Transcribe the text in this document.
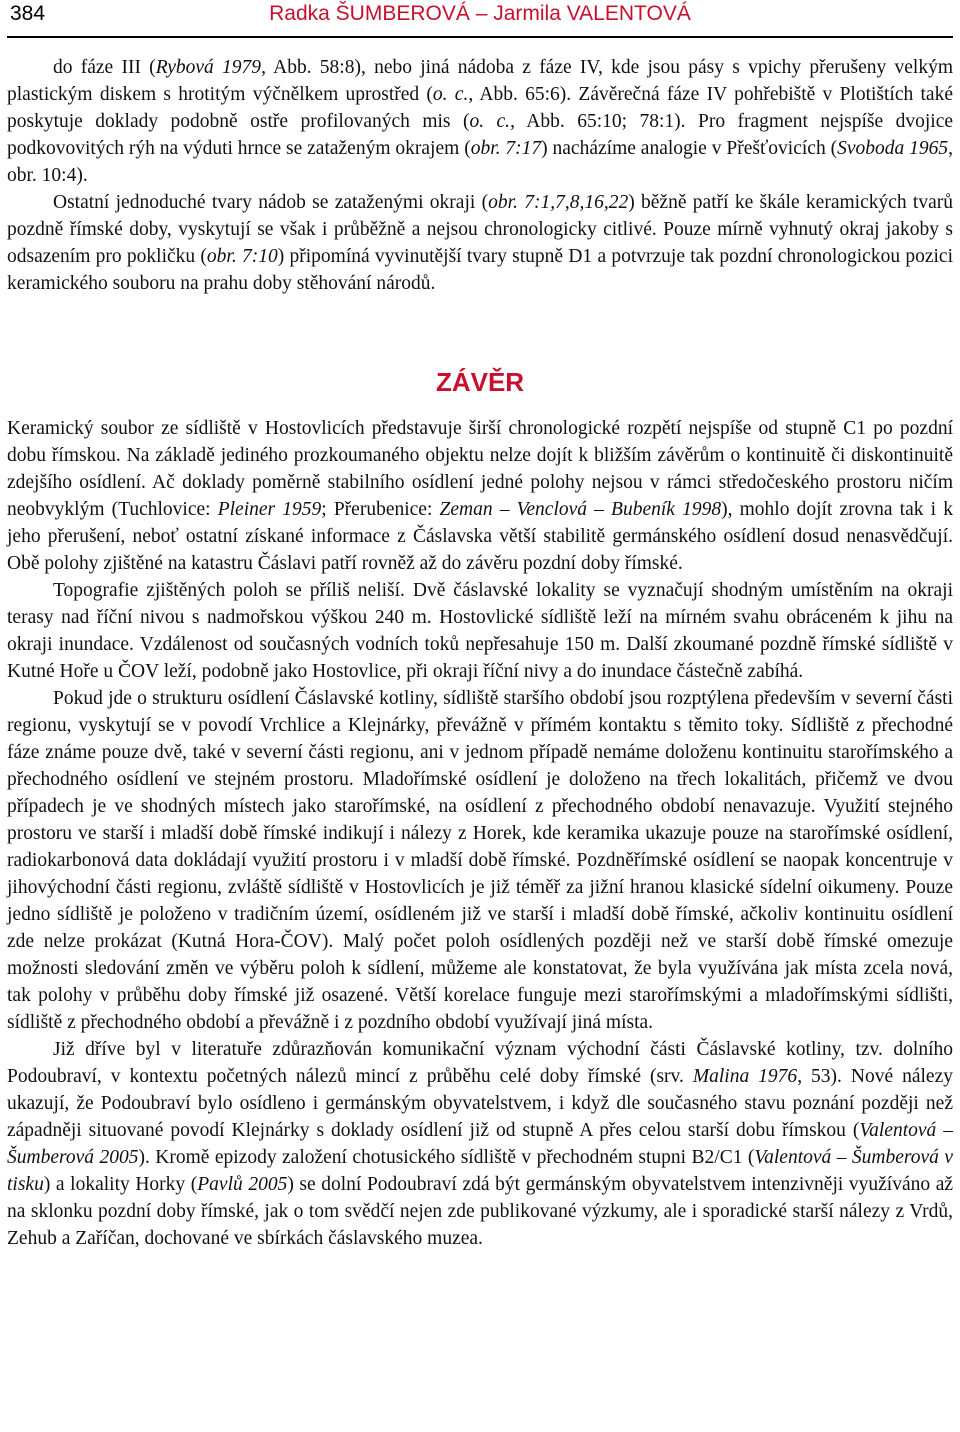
384	Radka ŠUMBEROVÁ – Jarmila VALENTOVÁ

do fáze III (Rybová 1979, Abb. 58:8), nebo jiná nádoba z fáze IV, kde jsou pásy s vpichy přerušeny velkým plastickým diskem s hrotitým výčnělkem uprostřed (o. c., Abb. 65:6). Závěrečná fáze IV pohřebiště v Plotištích také poskytuje doklady podobně ostře profilovaných mis (o. c., Abb. 65:10; 78:1). Pro fragment nejspíše dvojice podkovovitých rýh na výduti hrnce se zataženým okrajem (obr. 7:17) nacházíme analogie v Přešťovicích (Svoboda 1965, obr. 10:4).

Ostatní jednoduché tvary nádob se zataženými okraji (obr. 7:1,7,8,16,22) běžně patří ke škále keramických tvarů pozdně římské doby, vyskytují se však i průběžně a nejsou chronologicky citlivé. Pouze mírně vyhnutý okraj jakoby s odsazením pro pokličku (obr. 7:10) připomíná vyvinutější tvary stupně D1 a potvrzuje tak pozdní chronologickou pozici keramického souboru na prahu doby stěhování národů.

ZÁVĚR

Keramický soubor ze sídliště v Hostovlicích představuje širší chronologické rozpětí nejspíše od stupně C1 po pozdní dobu římskou. Na základě jediného prozkoumaného objektu nelze dojít k bližším závěrům o kontinuitě či diskontinuitě zdejšího osídlení. Ač doklady poměrně stabilního osídlení jedné polohy nejsou v rámci středočeského prostoru ničím neobvyklým (Tuchlovice: Pleiner 1959; Přerubenice: Zeman – Venclová – Bubeník 1998), mohlo dojít zrovna tak i k jeho přerušení, neboť ostatní získané informace z Čáslavska větší stabilitě germánského osídlení dosud nenasvědčují. Obě polohy zjištěné na katastru Čáslavi patří rovněž až do závěru pozdní doby římské.

Topografie zjištěných poloh se příliš neliší. Dvě čáslavské lokality se vyznačují shodným umístěním na okraji terasy nad říční nivou s nadmořskou výškou 240 m. Hostovlické sídliště leží na mírném svahu obráceném k jihu na okraji inundace. Vzdálenost od současných vodních toků nepřesahuje 150 m. Další zkoumané pozdně římské sídliště v Kutné Hoře u ČOV leží, podobně jako Hostovlice, při okraji říční nivy a do inundace částečně zabíhá.

Pokud jde o strukturu osídlení Čáslavské kotliny, sídliště staršího období jsou rozptýlena především v severní části regionu, vyskytují se v povodí Vrchlice a Klejnárky, převážně v přímém kontaktu s těmito toky. Sídliště z přechodné fáze známe pouze dvě, také v severní části regionu, ani v jednom případě nemáme doloženu kontinuitu starořímského a přechodného osídlení ve stejném prostoru. Mladořímské osídlení je doloženo na třech lokalitách, přičemž ve dvou případech je ve shodných místech jako starořímské, na osídlení z přechodného období nenavazuje. Využití stejného prostoru ve starší i mladší době římské indikují i nálezy z Horek, kde keramika ukazuje pouze na starořímské osídlení, radiokarbonová data dokládají využití prostoru i v mladší době římské. Pozdněřímské osídlení se naopak koncentruje v jihovýchodní části regionu, zvláště sídliště v Hostovlicích je již téměř za jižní hranou klasické sídelní oikumeny. Pouze jedno sídliště je položeno v tradičním území, osídleném již ve starší i mladší době římské, ačkoliv kontinuitu osídlení zde nelze prokázat (Kutná Hora-ČOV). Malý počet poloh osídlených později než ve starší době římské omezuje možnosti sledování změn ve výběru poloh k sídlení, můžeme ale konstatovat, že byla využívána jak místa zcela nová, tak polohy v průběhu doby římské již osazené. Větší korelace funguje mezi starořímskými a mladořímskými sídlišti, sídliště z přechodného období a převážně i z pozdního období využívají jiná místa.

Již dříve byl v literatuře zdůrazňován komunikační význam východní části Čáslavské kotliny, tzv. dolního Podoubraví, v kontextu početných nálezů mincí z průběhu celé doby římské (srv. Malina 1976, 53). Nové nálezy ukazují, že Podoubraví bylo osídleno i germánským obyvatelstvem, i když dle současného stavu poznání později než západněji situované povodí Klejnárky s doklady osídlení již od stupně A přes celou starší dobu římskou (Valentová – Šumberová 2005). Kromě epizody založení chotusického sídliště v přechodném stupni B2/C1 (Valentová – Šumberová v tisku) a lokality Horky (Pavlů 2005) se dolní Podoubraví zdá být germánským obyvatelstvem intenzivněji využíváno až na sklonku pozdní doby římské, jak o tom svědčí nejen zde publikované výzkumy, ale i sporadické starší nálezy z Vrdů, Zehub a Zaříčan, dochované ve sbírkách čáslavského muzea.
